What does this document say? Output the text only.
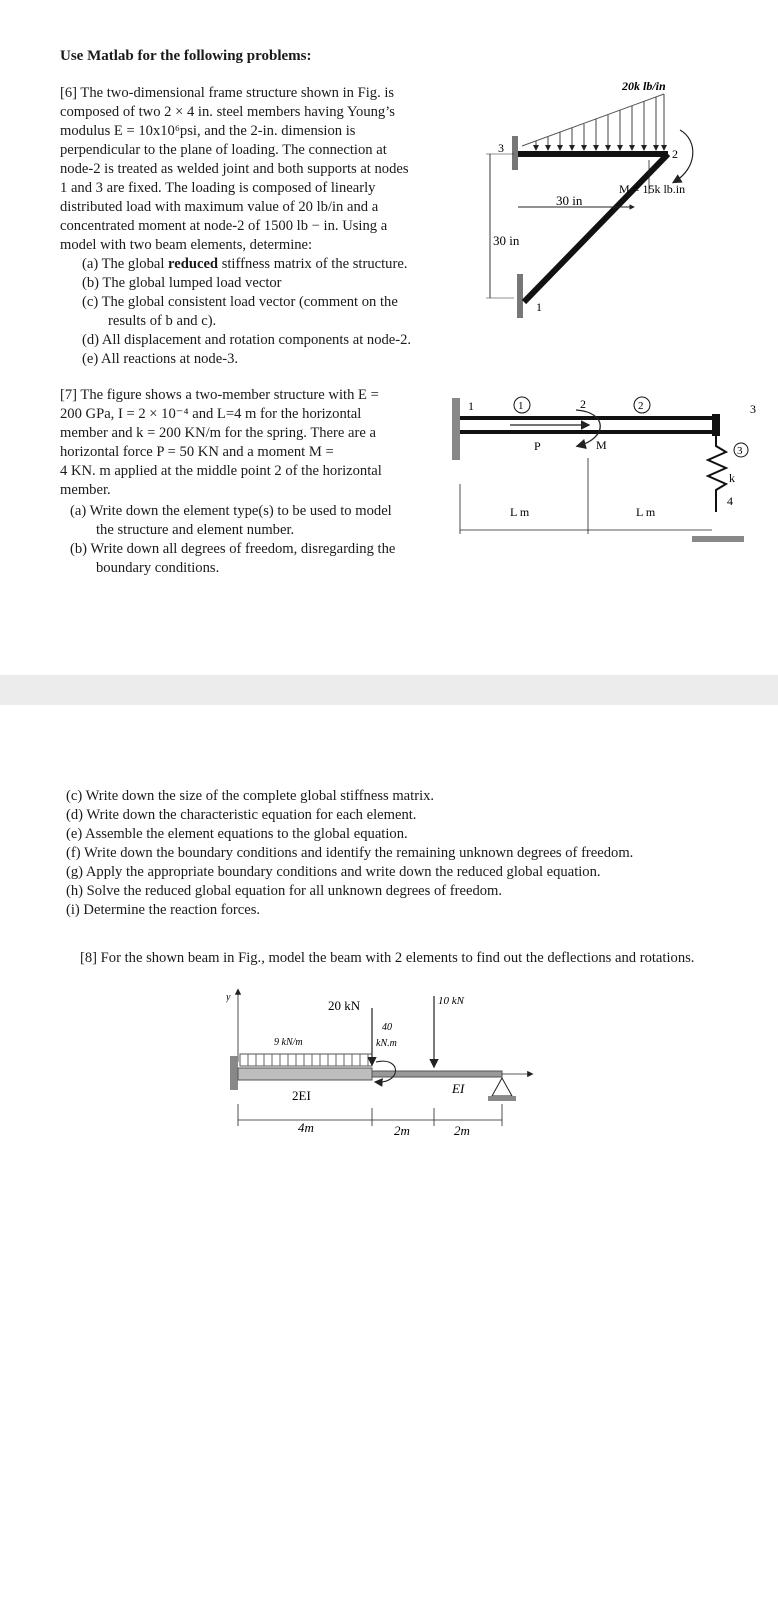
Use Matlab for the following problems:
[6] The two-dimensional frame structure shown in Fig. is
composed of two 2 × 4 in. steel members having Young’s
modulus E = 10x10⁶psi, and the 2-in. dimension is
perpendicular to the plane of loading. The connection at
node-2 is treated as welded joint and both supports at nodes
1 and 3 are fixed. The loading is composed of linearly
distributed load with maximum value of 20 lb/in and a
concentrated moment at node-2 of 1500 lb − in. Using a
model with two beam elements, determine:
(a) The global reduced stiffness matrix of the structure.
(b) The global lumped load vector
(c) The global consistent load vector (comment on the
results of b and c).
(d) All displacement and rotation components at node-2.
(e) All reactions at node-3.
[7] The figure shows a two-member structure with E =
200 GPa, I = 2 × 10⁻⁴ and L=4 m for the horizontal
member and k = 200 KN/m for the spring. There are a
horizontal force P = 50 KN and a moment M =
4 KN. m applied at the middle point 2 of the horizontal
member.
(a) Write down the element type(s) to be used to model
the structure and element number.
(b) Write down all degrees of freedom, disregarding the
boundary conditions.
(c) Write down the size of the complete global stiffness matrix.
(d) Write down the characteristic equation for each element.
(e) Assemble the element equations to the global equation.
(f) Write down the boundary conditions and identify the remaining unknown degrees of freedom.
(g) Apply the appropriate boundary conditions and write down the reduced global equation.
(h) Solve the reduced global equation for all unknown degrees of freedom.
(i) Determine the reaction forces.
[8] For the shown beam in Fig., model the beam with 2 elements to find out the deflections and rotations.
20k lb/in
3	2
1
M = 15k lb.in
30 in
30 in
1	1	2	2	3
P	M	3
k
4
L m	L m
y
9 kN/m
20 kN
40
kN.m
10 kN
2EI	EI
4m	2m	2m
